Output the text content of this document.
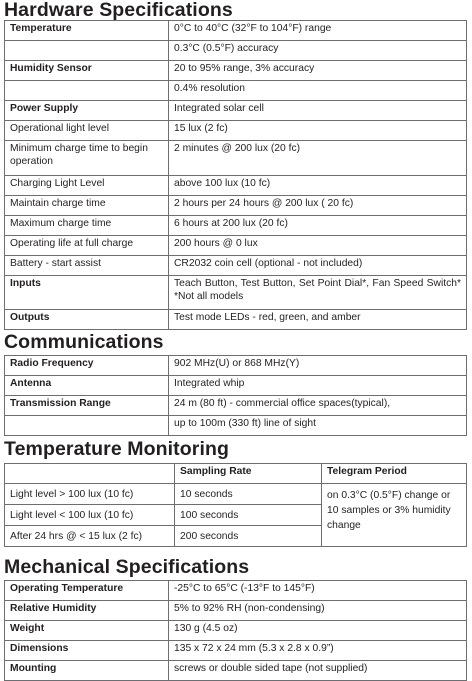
Hardware Specifications
Temperature	0°C to 40°C (32°F to 104°F) range
	0.3°C (0.5°F) accuracy
Humidity Sensor	20 to 95% range, 3% accuracy
	0.4% resolution
Power Supply	Integrated solar cell
Operational light level	15 lux (2 fc)
Minimum charge time to begin operation	2 minutes @ 200 lux (20 fc)
Charging Light Level	above 100 lux (10 fc)
Maintain charge time	2 hours per 24 hours @ 200 lux ( 20 fc)
Maximum charge time	6 hours at 200 lux (20 fc)
Operating life at full charge	200 hours @ 0 lux
Battery - start assist	CR2032 coin cell (optional - not included)
Inputs	Teach Button, Test Button, Set Point Dial*, Fan Speed Switch* *Not all models
Outputs	Test mode LEDs - red, green, and amber
Communications
Radio Frequency	902 MHz(U) or 868 MHz(Y)
Antenna	Integrated whip
Transmission Range	24 m (80 ft) - commercial office spaces(typical),
	up to 100m (330 ft) line of sight
Temperature Monitoring
	Sampling Rate	Telegram Period
Light level > 100 lux (10 fc)	10 seconds	on 0.3°C (0.5°F) change or 10 samples or 3% humidity change
Light level < 100 lux (10 fc)	100 seconds	
After 24 hrs @ < 15 lux (2 fc)	200 seconds	
Mechanical Specifications
Operating Temperature	-25°C to 65°C (-13°F to 145°F)
Relative Humidity	5% to 92% RH (non-condensing)
Weight	130 g (4.5 oz)
Dimensions	135 x 72 x 24 mm (5.3 x 2.8 x 0.9”)
Mounting	screws or double sided tape (not supplied)
